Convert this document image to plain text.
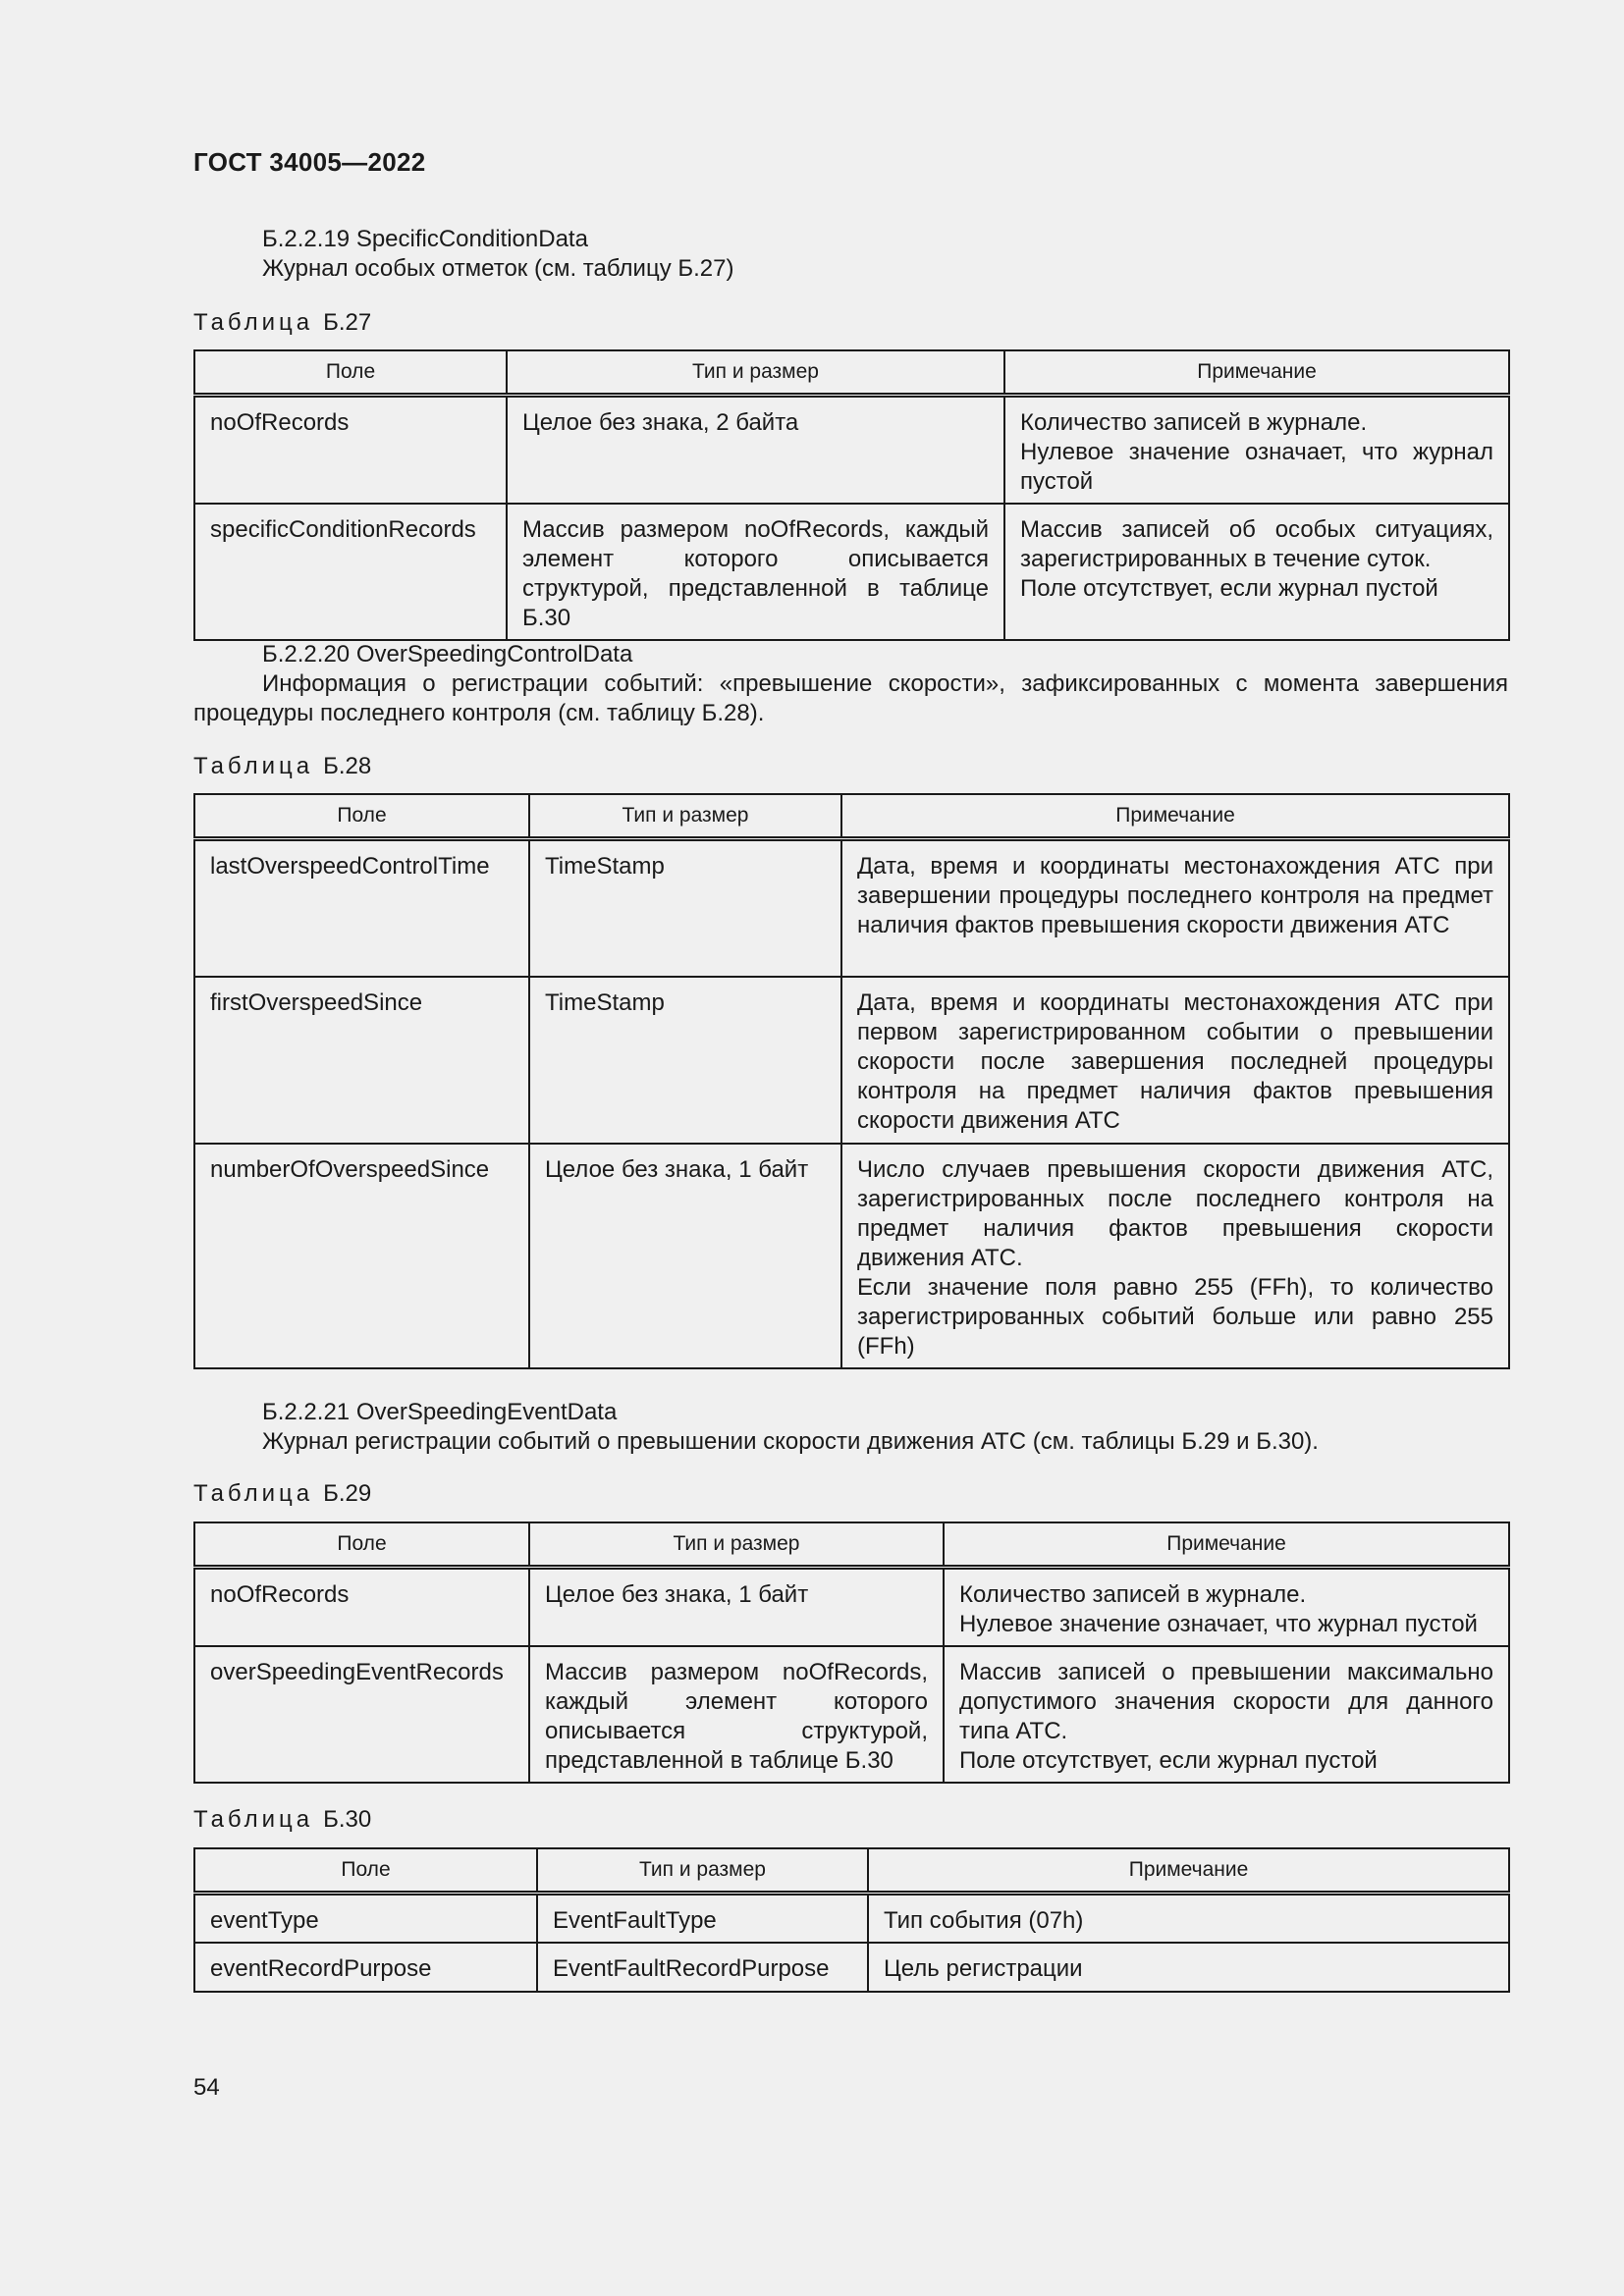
ГОСТ 34005—2022

Б.2.2.19 SpecificConditionData

Журнал особых отметок (см. таблицу Б.27)

Таблица Б.27
Поле	Тип и размер	Примечание
noOfRecords	Целое без знака, 2 байта	Количество записей в журнале.
Нулевое значение означает, что журнал пустой

specificConditionRecords	Массив размером noOfRecords, каждый элемент которого описывается структурой, представленной в таблице Б.30	Массив записей об особых ситуациях, зарегистрированных в течение суток.
Поле отсутствует, если журнал пустой

Б.2.2.20 OverSpeedingControlData

Информация о регистрации событий: «превышение скорости», зафиксированных с момента завершения процедуры последнего контроля (см. таблицу Б.28).

Таблица Б.28
Поле	Тип и размер	Примечание
lastOverspeedControlTime	TimeStamp	Дата, время и координаты местонахождения АТС при завершении процедуры последнего контроля на предмет наличия фактов превышения скорости движения АТС
firstOverspeedSince	TimeStamp	Дата, время и координаты местонахождения АТС при первом зарегистрированном событии о превышении скорости после завершения последней процедуры контроля на предмет наличия фактов превышения скорости движения АТС
numberOfOverspeedSince	Целое без знака, 1 байт	Число случаев превышения скорости движения АТС, зарегистрированных после последнего контроля на предмет наличия фактов превышения скорости движения АТС.
Если значение поля равно 255 (FFh), то количество зарегистрированных событий больше или равно 255 (FFh)

Б.2.2.21 OverSpeedingEventData

Журнал регистрации событий о превышении скорости движения АТС (см. таблицы Б.29 и Б.30).

Таблица Б.29
Поле	Тип и размер	Примечание
noOfRecords	Целое без знака, 1 байт	Количество записей в журнале.
Нулевое значение означает, что журнал пустой

overSpeedingEventRecords	Массив размером noOfRecords, каждый элемент которого описывается структурой, представленной в таблице Б.30	Массив записей о превышении максимально допустимого значения скорости для данного типа АТС.
Поле отсутствует, если журнал пустой
Таблица Б.30
Поле	Тип и размер	Примечание
eventType	EventFaultType	Тип события (07h)
eventRecordPurpose	EventFaultRecordPurpose	Цель регистрации
54
